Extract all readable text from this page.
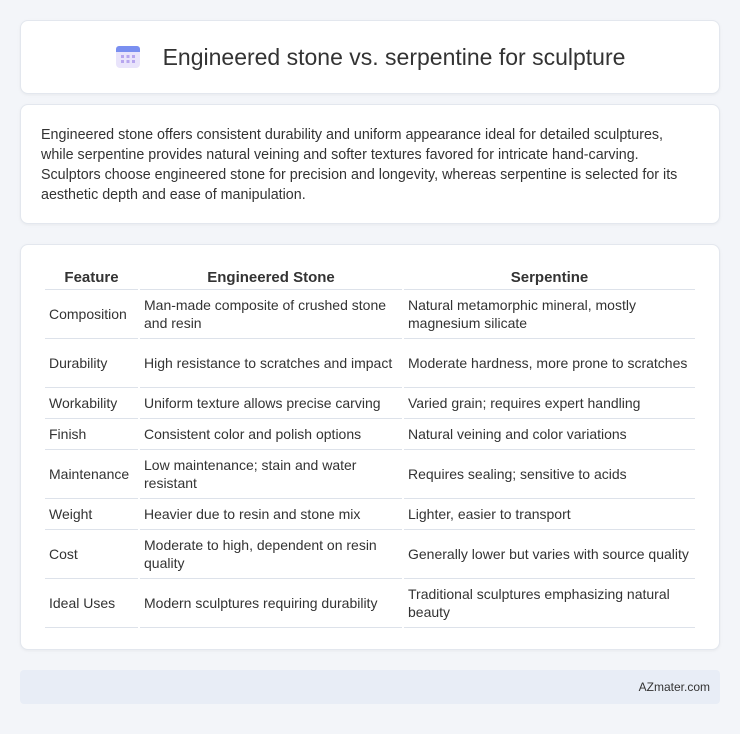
Engineered stone vs. serpentine for sculpture

Engineered stone offers consistent durability and uniform appearance ideal for detailed sculptures, while serpentine provides natural veining and softer textures favored for intricate hand-carving. Sculptors choose engineered stone for precision and longevity, whereas serpentine is selected for its aesthetic depth and ease of manipulation.

Feature	Engineered Stone	Serpentine
Composition	Man-made composite of crushed stone and resin	Natural metamorphic mineral, mostly magnesium silicate
Durability	High resistance to scratches and impact	Moderate hardness, more prone to scratches
Workability	Uniform texture allows precise carving	Varied grain; requires expert handling
Finish	Consistent color and polish options	Natural veining and color variations
Maintenance	Low maintenance; stain and water resistant	Requires sealing; sensitive to acids
Weight	Heavier due to resin and stone mix	Lighter, easier to transport
Cost	Moderate to high, dependent on resin quality	Generally lower but varies with source quality
Ideal Uses	Modern sculptures requiring durability	Traditional sculptures emphasizing natural beauty
AZmater.com
